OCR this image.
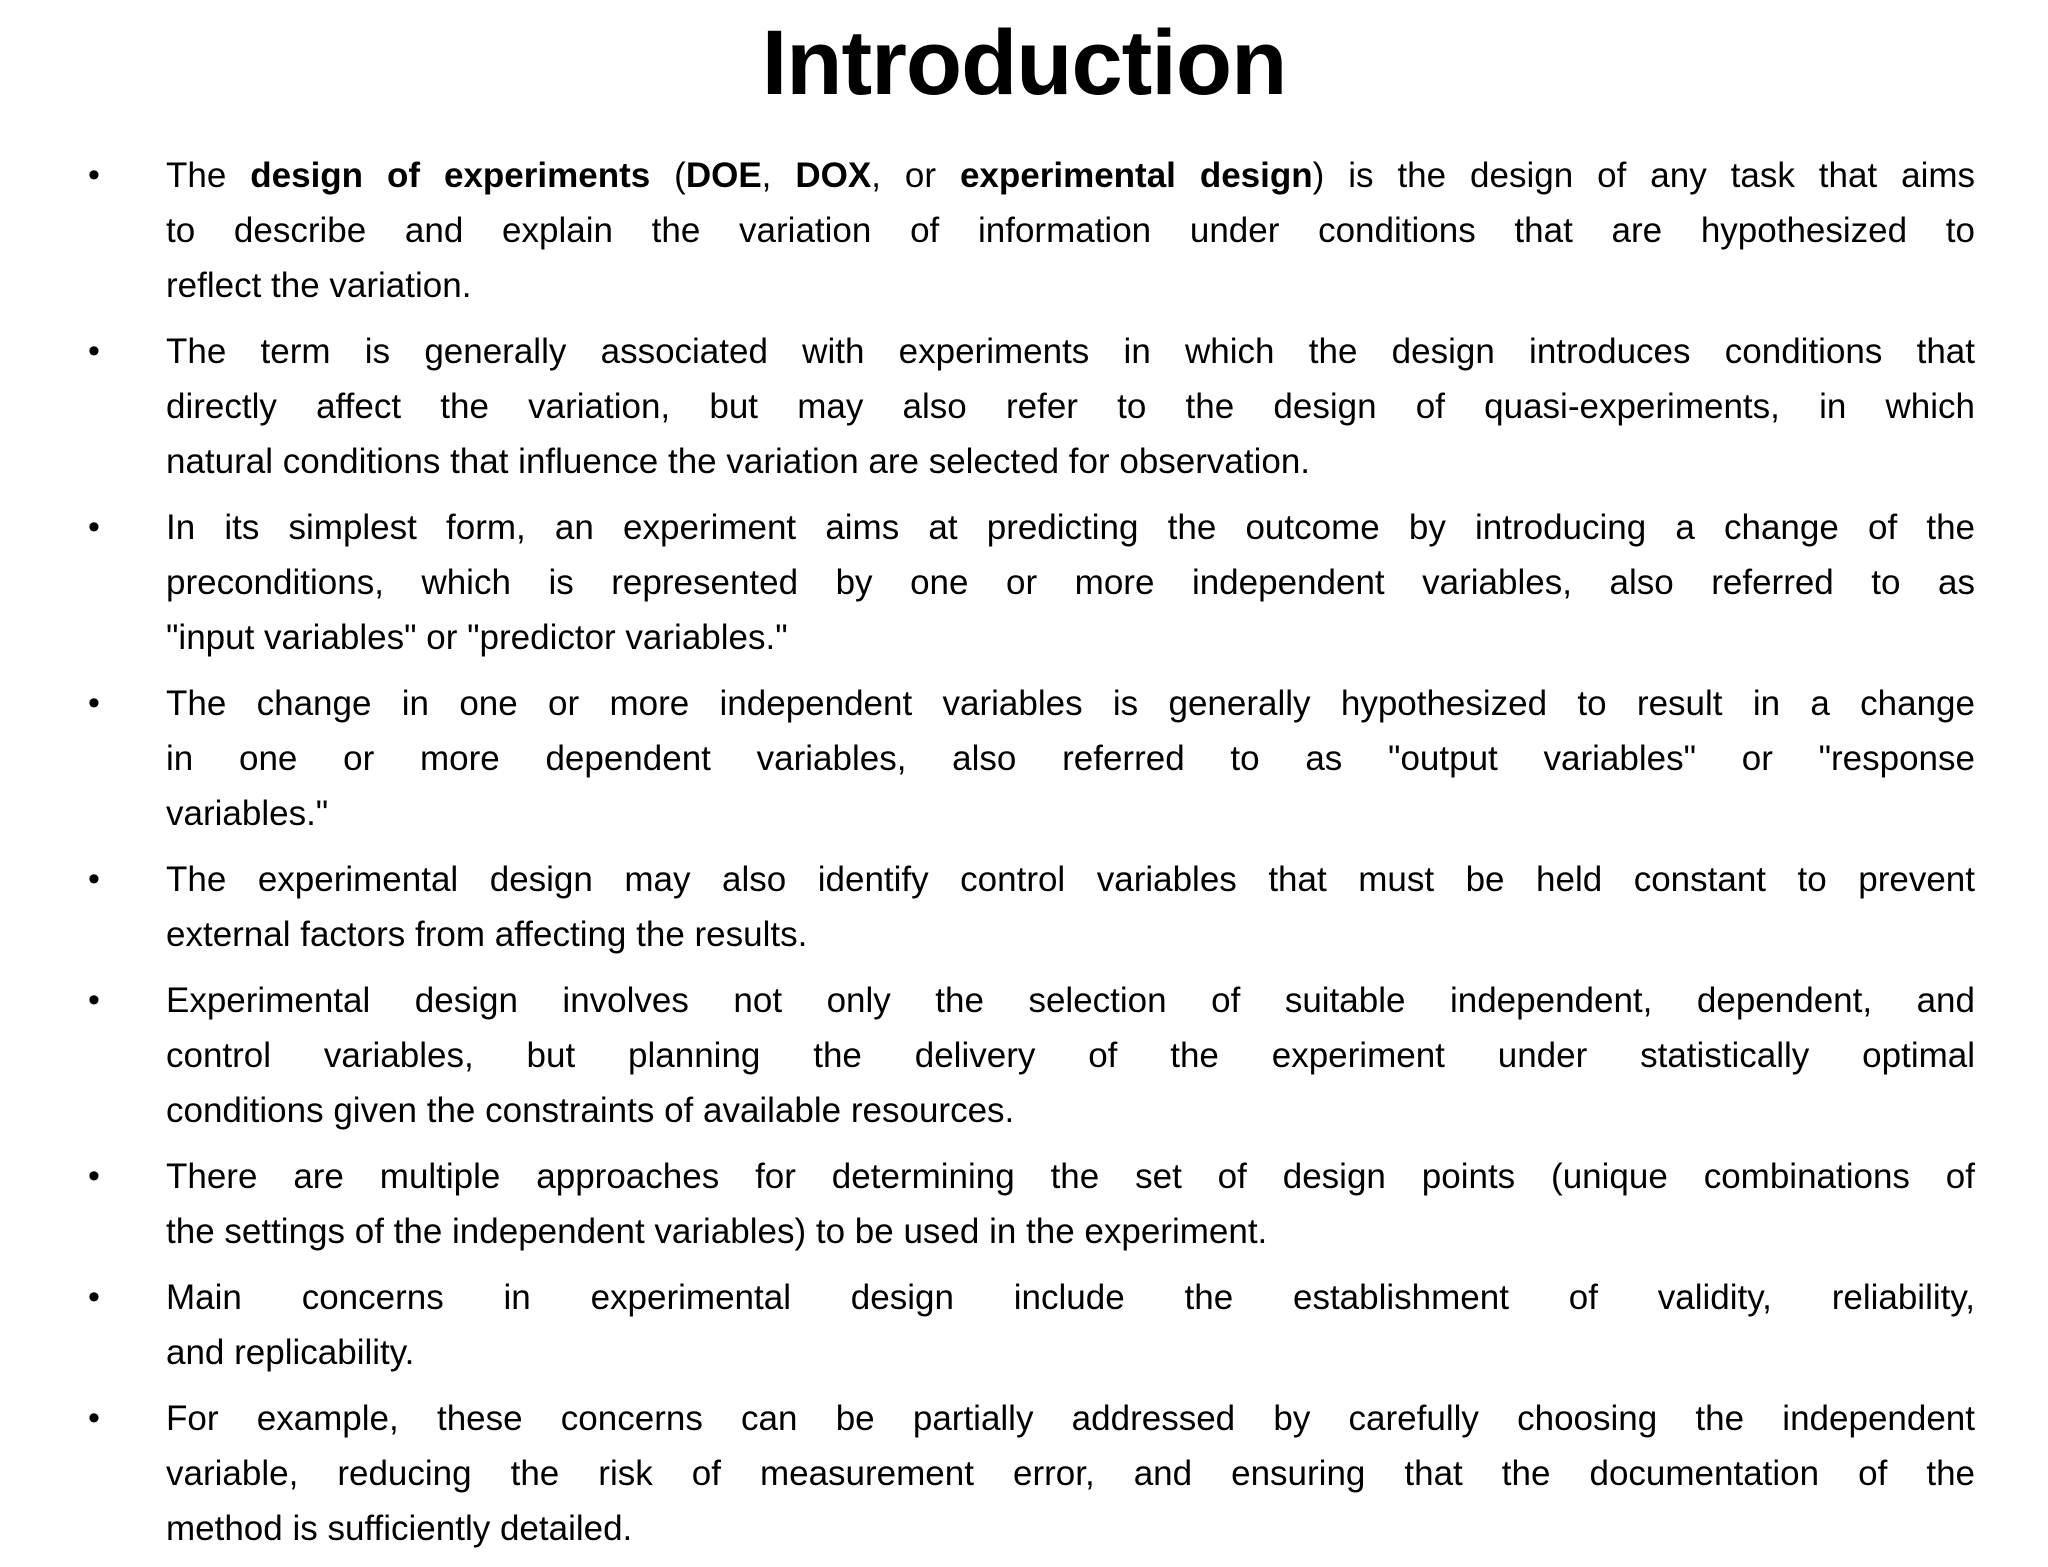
Introduction
• The design of experiments (DOE, DOX, or experimental design) is the design of any task that aims
to describe and explain the variation of information under conditions that are hypothesized to
reflect the variation.
• The term is generally associated with experiments in which the design introduces conditions that
directly affect the variation, but may also refer to the design of quasi-experiments, in which
natural conditions that influence the variation are selected for observation.
• In its simplest form, an experiment aims at predicting the outcome by introducing a change of the
preconditions, which is represented by one or more independent variables, also referred to as
"input variables" or "predictor variables."
• The change in one or more independent variables is generally hypothesized to result in a change
in one or more dependent variables, also referred to as "output variables" or "response
variables."
• The experimental design may also identify control variables that must be held constant to prevent
external factors from affecting the results.
• Experimental design involves not only the selection of suitable independent, dependent, and
control variables, but planning the delivery of the experiment under statistically optimal
conditions given the constraints of available resources.
• There are multiple approaches for determining the set of design points (unique combinations of
the settings of the independent variables) to be used in the experiment.
• Main concerns in experimental design include the establishment of validity, reliability,
and replicability.
• For example, these concerns can be partially addressed by carefully choosing the independent
variable, reducing the risk of measurement error, and ensuring that the documentation of the
method is sufficiently detailed.
